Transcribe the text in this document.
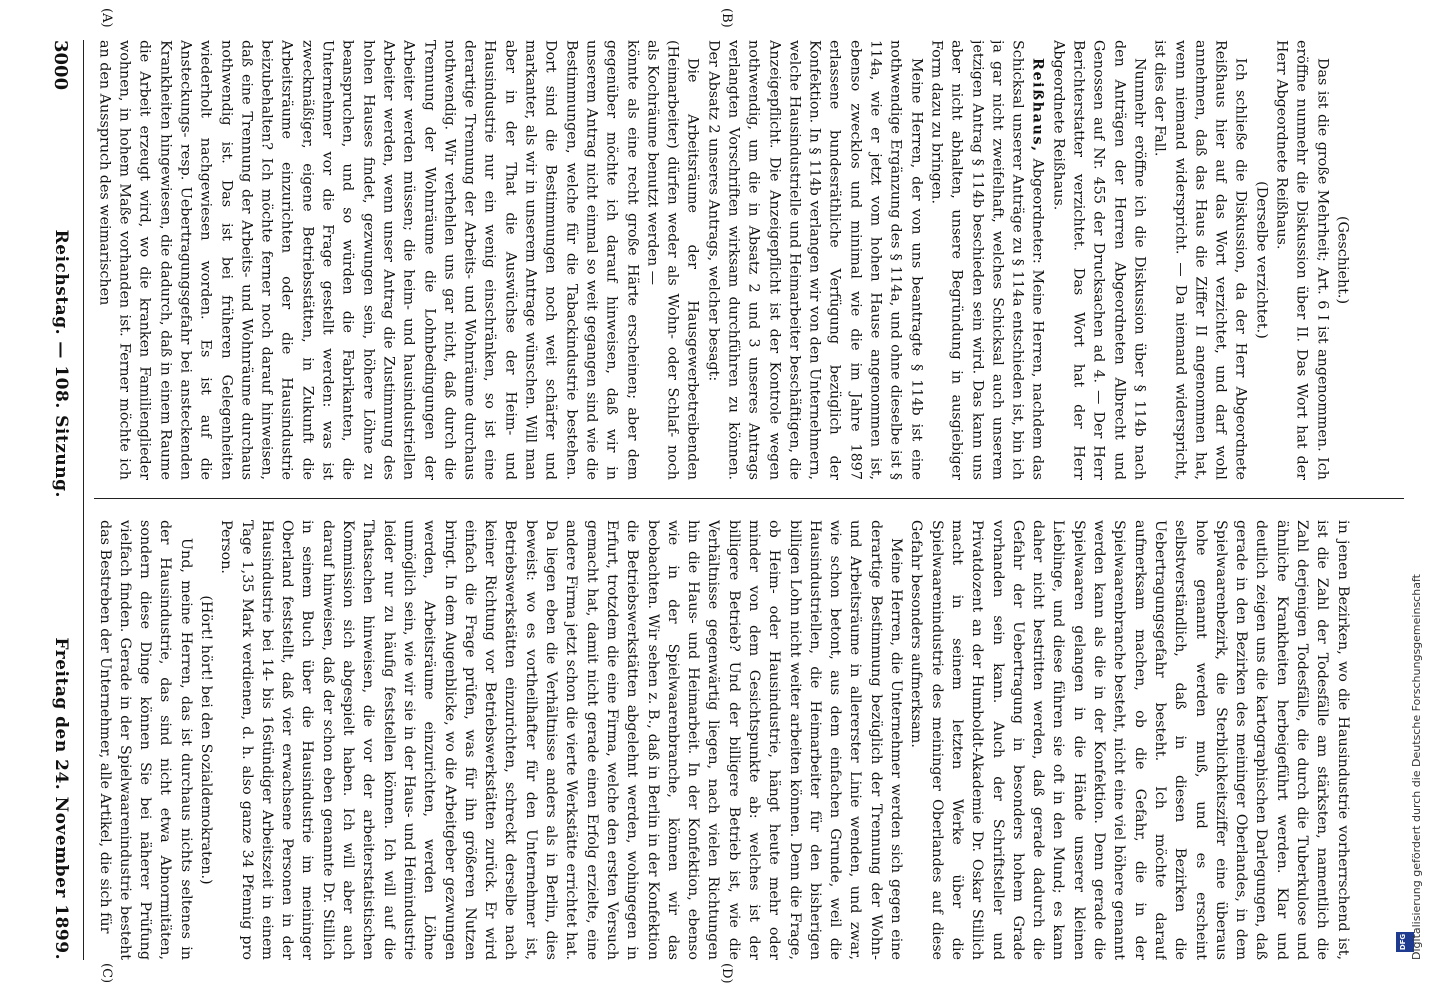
3000
Reichstag. — 108. Sitzung.
Freitag den 24. November 1899.
(A)	(B)
(C)	(D)

(Geschieht.)

Das ist die große Mehrheit; Art. 6 I ist angenommen. Ich eröffne nunmehr die Diskussion über II. Das Wort hat der Herr Abgeordnete Reißhaus.

(Derselbe verzichtet.)

Ich schließe die Diskussion, da der Herr Abgeordnete Reißhaus hier auf das Wort verzichtet, und darf wohl annehmen, daß das Haus die Ziffer II angenommen hat, wenn niemand widerspricht. — Da niemand widerspricht, ist dies der Fall.

Nunmehr eröffne ich die Diskussion über § 114b nach den Anträgen der Herren Abgeordneten Albrecht und Genossen auf Nr. 455 der Drucksachen ad 4. — Der Herr Berichterstatter verzichtet. Das Wort hat der Herr Abgeordnete Reißhaus.

Reißhaus, Abgeordneter: Meine Herren, nachdem das Schicksal unserer Anträge zu § 114a entschieden ist, bin ich ja gar nicht zweifelhaft, welches Schicksal auch unserem jetzigen Antrag § 114b beschieden sein wird. Das kann uns aber nicht abhalten, unsere Begründung in ausgiebiger Form dazu zu bringen.

Meine Herren, der von uns beantragte § 114b ist eine nothwendige Ergänzung des § 114a, und ohne dieselbe ist § 114a, wie er jetzt vom hohen Hause angenommen ist, ebenso zwecklos und minimal wie die im Jahre 1897 erlassene bundesräthliche Verfügung bezüglich der Konfektion. In § 114b verlangen wir von den Unternehmern, welche Hausindustrielle und Heimarbeiter beschäftigen, die Anzeigepflicht. Die Anzeigepflicht ist der Kontrole wegen nothwendig, um die in Absatz 2 und 3 unseres Antrags verlangten Vorschriften wirksam durchführen zu können. Der Absatz 2 unseres Antrags, welcher besagt:

Die Arbeitsräume der Hausgewerbetreibenden (Heimarbeiter) dürfen weder als Wohn- oder Schlaf- noch als Kochräume benutzt werden —

könnte als eine recht große Härte erscheinen; aber dem gegenüber möchte ich darauf hinweisen, daß wir in unserem Antrag nicht einmal so weit gegangen sind wie die Bestimmungen, welche für die Tabackindustrie bestehen. Dort sind die Bestimmungen noch weit schärfer und markanter, als wir in unserem Antrage wünschen. Will man aber in der That die Auswüchse der Heim- und Hausindustrie nur ein wenig einschränken, so ist eine derartige Trennung der Arbeits- und Wohnräume durchaus nothwendig. Wir verhehlen uns gar nicht, daß durch die Trennung der Wohnräume die Lohnbedingungen der Arbeiter werden müssen; die heim- und hausindustriellen Arbeiter werden, wenn unser Antrag die Zustimmung des hohen Hauses findet, gezwungen sein, höhere Löhne zu beanspruchen, und so würden die Fabrikanten, die Unternehmer vor die Frage gestellt werden: was ist zweckmäßiger, eigene Betriebsstätten, in Zukunft die Arbeitsräume einzurichten oder die Hausindustrie beizubehalten? Ich möchte ferner noch darauf hinweisen, daß eine Trennung der Arbeits- und Wohnräume durchaus nothwendig ist. Das ist bei früheren Gelegenheiten wiederholt nachgewiesen worden. Es ist auf die Ansteckungs- resp. Uebertragungsgefahr bei ansteckenden Krankheiten hingewiesen, die dadurch, daß in einem Raume die Arbeit erzeugt wird, wo die kranken Familienglieder wohnen, in hohem Maße vorhanden ist. Ferner möchte ich an den Ausspruch des weimarischen

in jenen Bezirken, wo die Hausindustrie vorherrschend ist, ist die Zahl der Todesfälle am stärksten, namentlich die Zahl derjenigen Todesfälle, die durch die Tuberkulose und ähnliche Krankheiten herbeigeführt werden. Klar und deutlich zeigen uns die kartographischen Darlegungen, daß gerade in den Bezirken des meininger Oberlandes, in dem Spielwaarenbezirk, die Sterblichkeitsziffer eine überaus hohe genannt werden muß, und es erscheint selbstverständlich, daß in diesen Bezirken die Uebertragungsgefahr besteht. Ich möchte darauf aufmerksam machen, ob die Gefahr, die in der Spielwaarenbranche besteht, nicht eine viel höhere genannt werden kann als die in der Konfektion. Denn gerade die Spielwaaren gelangen in die Hände unserer kleinen Lieblinge, und diese führen sie oft in den Mund; es kann daher nicht bestritten werden, daß gerade dadurch die Gefahr der Uebertragung in besonders hohem Grade vorhanden sein kann. Auch der Schriftsteller und Privatdozent an der Humboldt-Akademie Dr. Oskar Stillich macht in seinem letzten Werke über die Spielwaarenindustrie des meininger Oberlandes auf diese Gefahr besonders aufmerksam.

Meine Herren, die Unternehmer werden sich gegen eine derartige Bestimmung bezüglich der Trennung der Wohn- und Arbeitsräume in allererster Linie wenden, und zwar, wie schon betont, aus dem einfachen Grunde, weil die Hausindustriellen, die Heimarbeiter für den bisherigen billigen Lohn nicht weiter arbeiten können. Denn die Frage, ob Heim- oder Hausindustrie, hängt heute mehr oder minder von dem Gesichtspunkte ab: welches ist der billigere Betrieb? Und der billigere Betrieb ist, wie die Verhältnisse gegenwärtig liegen, nach vielen Richtungen hin die Haus- und Heimarbeit. In der Konfektion, ebenso wie in der Spielwaarenbranche, können wir das beobachten. Wir sehen z. B., daß in Berlin in der Konfektion die Betriebswerkstätten abgelehnt werden, wohingegen in Erfurt, trotzdem die eine Firma, welche den ersten Versuch gemacht hat, damit nicht gerade einen Erfolg erzielte, eine andere Firma jetzt schon die vierte Werkstätte errichtet hat. Da liegen eben die Verhältnisse anders als in Berlin, dies beweist: wo es vortheilhafter für den Unternehmer ist, Betriebswerkstätten einzurichten, schreckt derselbe nach keiner Richtung vor Betriebswerkstätten zurück. Er wird einfach die Frage prüfen, was für ihn größeren Nutzen bringt. In dem Augenblicke, wo die Arbeitgeber gezwungen werden, Arbeitsräume einzurichten, werden Löhne unmöglich sein, wie wir sie in der Haus- und Heimindustrie leider nur zu häufig feststellen können. Ich will auf die Thatsachen hinweisen, die vor der arbeiterstatistischen Kommission sich abgespielt haben. Ich will aber auch darauf hinweisen, daß der schon eben genannte Dr. Stillich in seinem Buch über die Hausindustrie im meininger Oberland feststellt, daß vier erwachsene Personen in der Hausindustrie bei 14- bis 16stündiger Arbeitszeit in einem Tage 1,35 Mark verdienen, d. h. also ganze 34 Pfennig pro Person.

(Hört! hört! bei den Sozialdemokraten.)

Und, meine Herren, das ist durchaus nichts seltenes in der Hausindustrie, das sind nicht etwa Abnormitäten, sondern diese Dinge können Sie bei näherer Prüfung vielfach finden. Gerade in der Spielwaarenindustrie besteht das Bestreben der Unternehmer, alle Artikel, die sich für

DFG Digitalisierung gefördert durch die Deutsche Forschungsgemeinschaft
